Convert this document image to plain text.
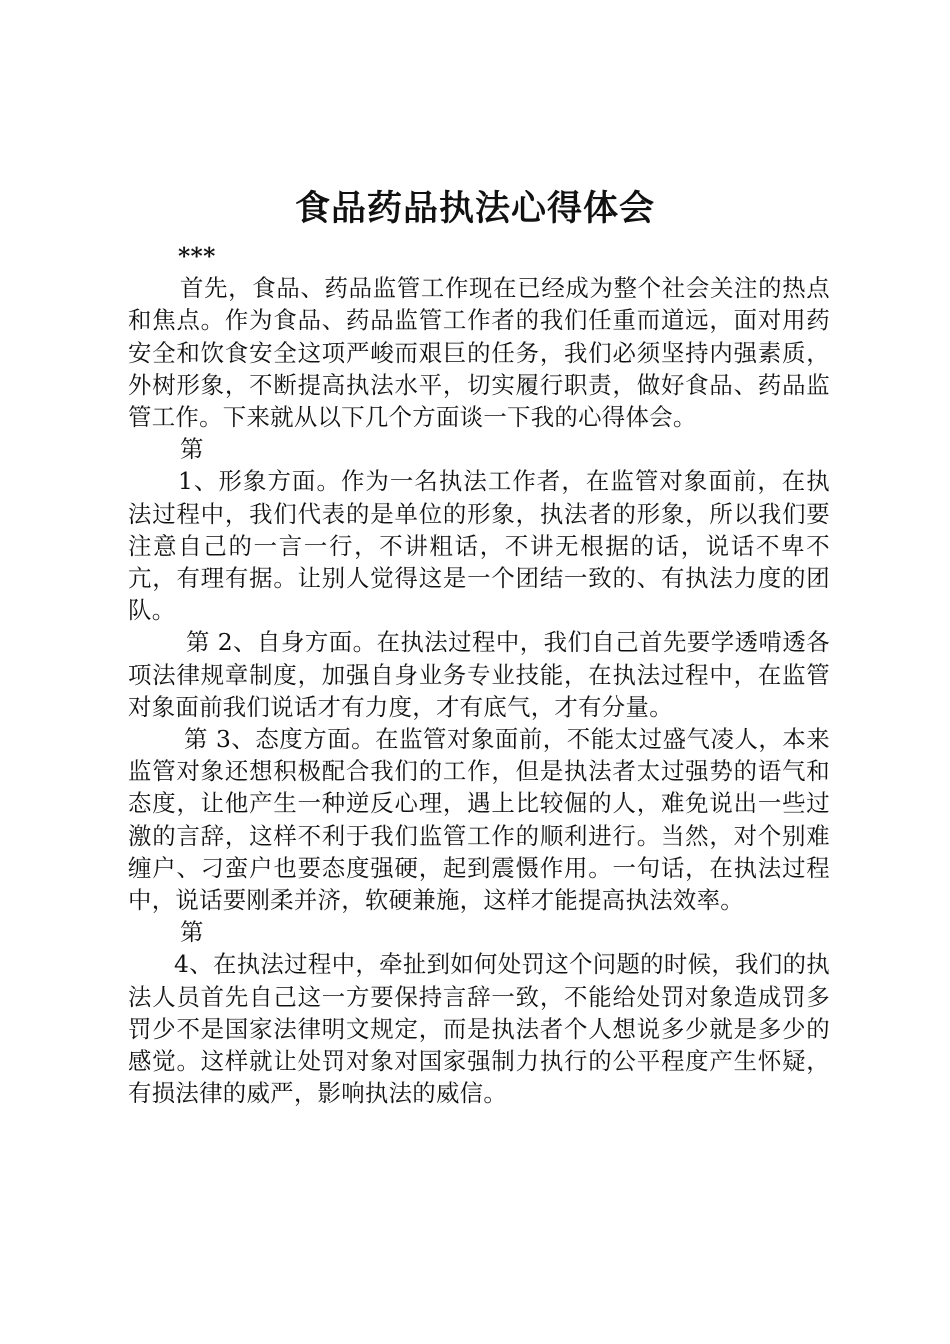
食品药品执法心得体会

***

首先，食品、药品监管工作现在已经成为整个社会关注的热点和焦点。作为食品、药品监管工作者的我们任重而道远，面对用药安全和饮食安全这项严峻而艰巨的任务，我们必须坚持内强素质，外树形象，不断提高执法水平，切实履行职责，做好食品、药品监管工作。下来就从以下几个方面谈一下我的心得体会。

第

1、形象方面。作为一名执法工作者，在监管对象面前，在执法过程中，我们代表的是单位的形象，执法者的形象，所以我们要注意自己的一言一行，不讲粗话，不讲无根据的话，说话不卑不亢，有理有据。让别人觉得这是一个团结一致的、有执法力度的团队。

第 2、自身方面。在执法过程中，我们自己首先要学透啃透各项法律规章制度，加强自身业务专业技能，在执法过程中，在监管对象面前我们说话才有力度，才有底气，才有分量。

第 3、态度方面。在监管对象面前，不能太过盛气凌人，本来监管对象还想积极配合我们的工作，但是执法者太过强势的语气和态度，让他产生一种逆反心理，遇上比较倔的人，难免说出一些过激的言辞，这样不利于我们监管工作的顺利进行。当然，对个别难缠户、刁蛮户也要态度强硬，起到震慑作用。一句话，在执法过程中，说话要刚柔并济，软硬兼施，这样才能提高执法效率。

第

4、在执法过程中，牵扯到如何处罚这个问题的时候，我们的执法人员首先自己这一方要保持言辞一致，不能给处罚对象造成罚多罚少不是国家法律明文规定，而是执法者个人想说多少就是多少的感觉。这样就让处罚对象对国家强制力执行的公平程度产生怀疑，有损法律的威严，影响执法的威信。
